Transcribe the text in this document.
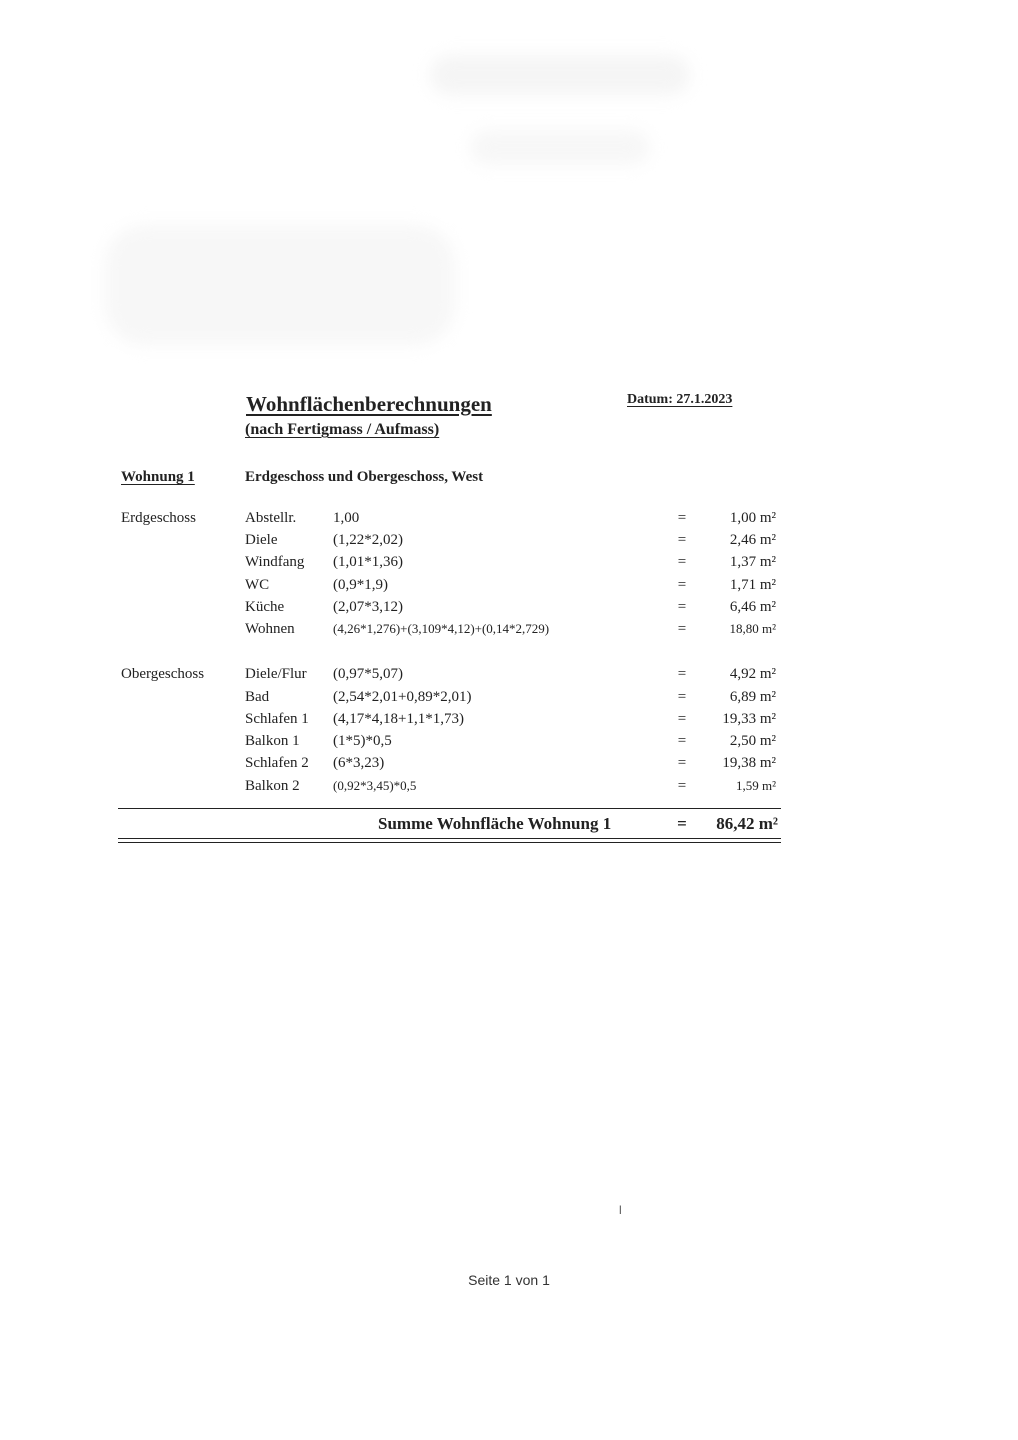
Wohnflächenberechnungen
(nach Fertigmass / Aufmass)
Datum: 27.1.2023
Wohnung 1	Erdgeschoss und Obergeschoss, West
Erdgeschoss	Abstellr. 1,00	=	1,00 m²
Diele	(1,22*2,02)	=	2,46 m²
Windfang (1,01*1,36)	=	1,37 m²
WC	(0,9*1,9)	=	1,71 m²
Küche	(2,07*3,12)	=	6,46 m²
Wohnen	(4,26*1,276)+(3,109*4,12)+(0,14*2,729)	=	18,80 m²
Obergeschoss	Diele/Flur (0,97*5,07)	=	4,92 m²
Bad	(2,54*2,01+0,89*2,01)	=	6,89 m²
Schlafen 1 (4,17*4,18+1,1*1,73)	=	19,33 m²
Balkon 1 (1*5)*0,5	=	2,50 m²
Schlafen 2 (6*3,23)	=	19,38 m²
Balkon 2	(0,92*3,45)*0,5	=	1,59 m²
Summe Wohnfläche Wohnung 1	=	86,42 m²
l
Seite 1 von 1
